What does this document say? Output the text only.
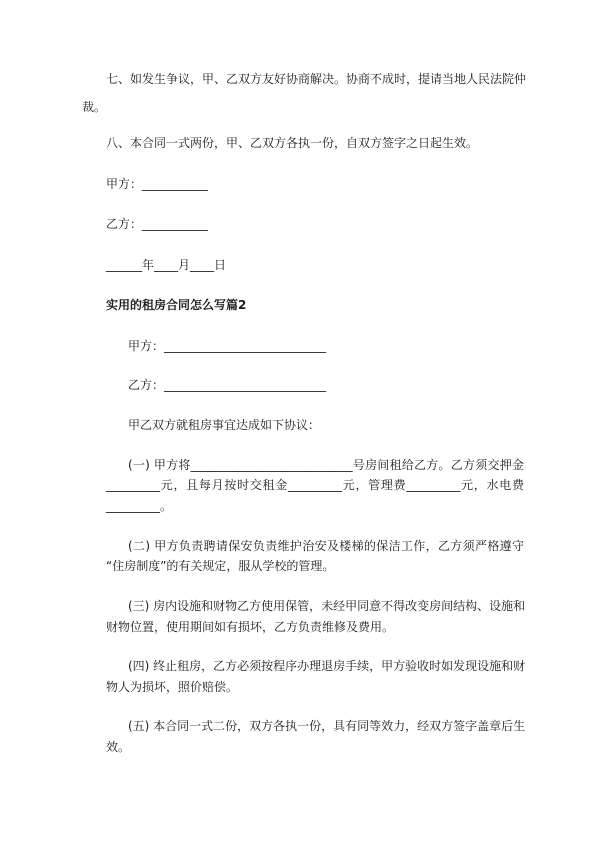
七、如发生争议，甲、乙双方友好协商解决。协商不成时，提请当地人民法院仲
裁。
八、本合同一式两份，甲、乙双方各执一份，自双方签字之日起生效。
甲方：___________
乙方：___________
______年____月____日
实用的租房合同怎么写篇2
甲方：___________________________
乙方：___________________________
甲乙双方就租房事宜达成如下协议：
(一) 甲方将___________________________号房间租给乙方。乙方须交押金
_________元，且每月按时交租金_________元，管理费_________元，水电费
_________。
(二) 甲方负责聘请保安负责维护治安及楼梯的保洁工作，乙方须严格遵守
“住房制度”的有关规定，服从学校的管理。
(三) 房内设施和财物乙方使用保管，未经甲同意不得改变房间结构、设施和
财物位置，使用期间如有损坏，乙方负责维修及费用。
(四) 终止租房，乙方必须按程序办理退房手续，甲方验收时如发现设施和财
物人为损坏，照价赔偿。
(五) 本合同一式二份，双方各执一份，具有同等效力，经双方签字盖章后生
效。
